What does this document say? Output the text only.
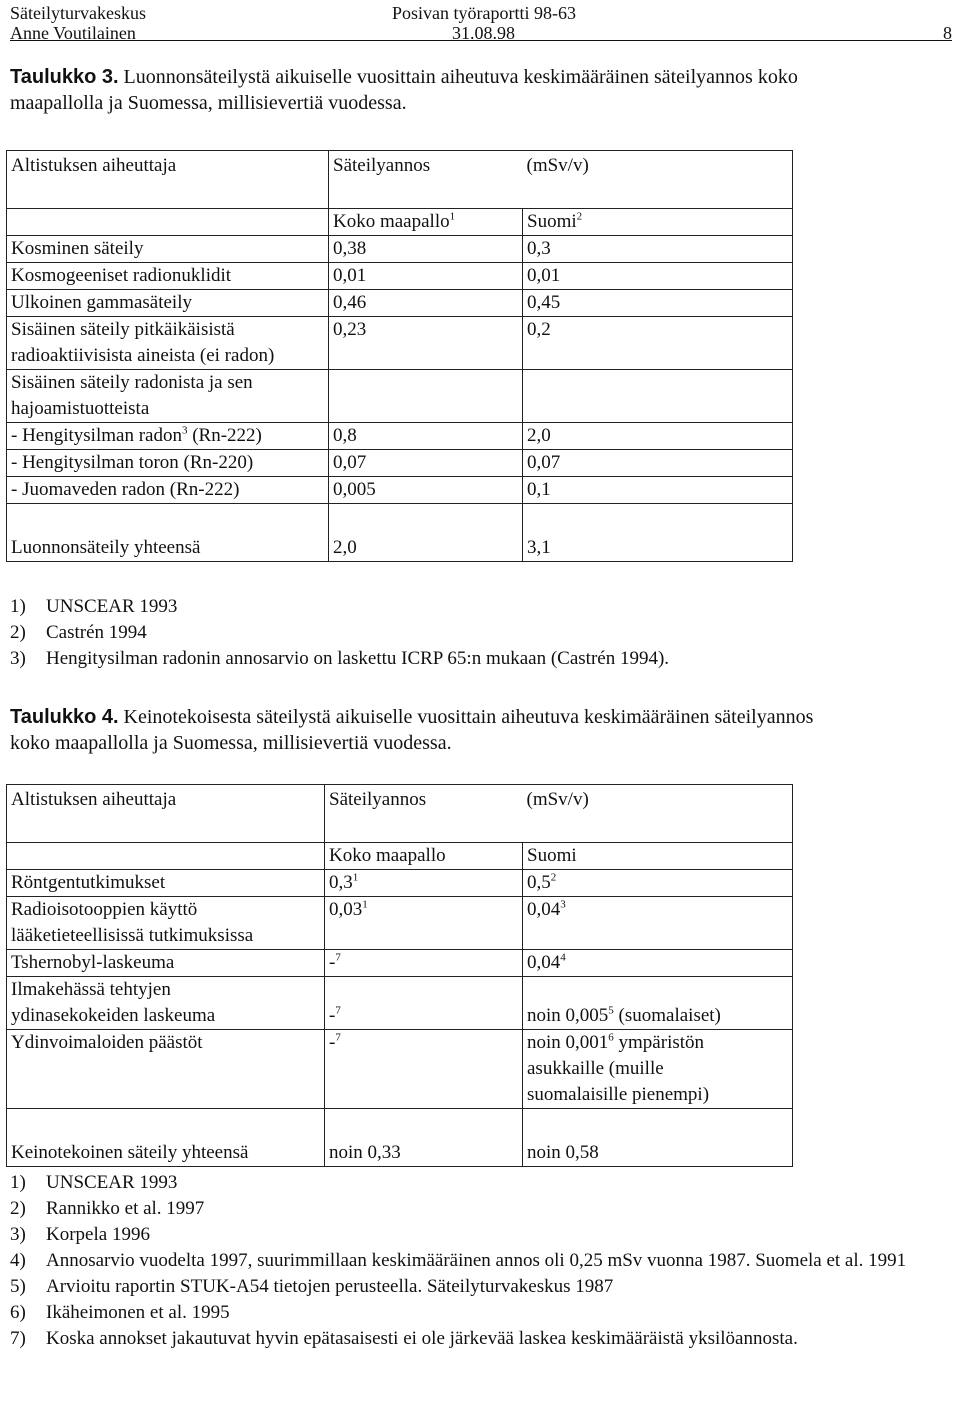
Säteilyturvakeskus
Anne Voutilainen
Posivan työraportti 98-63
31.08.98	8
Taulukko 3. Luonnonsäteilystä aikuiselle vuosittain aiheutuva keskimääräinen säteilyannos koko maapallolla ja Suomessa, millisievertiä vuodessa.
Altistuksen aiheuttaja	Säteilyannos	(mSv/v)
	Koko maapallo$^1$	Suomi$^2$
Kosminen säteily	0,38	0,3
Kosmogeeniset radionuklidit	0,01	0,01
Ulkoinen gammasäteily	0,46	0,45
Sisäinen säteily pitkäikäisistä radioaktiivisista aineista (ei radon)	0,23	0,2
Sisäinen säteily radonista ja sen hajoamistuotteista		
- Hengitysilman radon$^3$ (Rn-222)	0,8	2,0
- Hengitysilman toron (Rn-220)	0,07	0,07
- Juomaveden radon (Rn-222)	0,005	0,1
Luonnonsäteily yhteensä	2,0	3,1
1)	UNSCEAR 1993
2)	Castrén 1994
3)	Hengitysilman radonin annosarvio on laskettu ICRP 65:n mukaan (Castrén 1994).
Taulukko 4. Keinotekoisesta säteilystä aikuiselle vuosittain aiheutuva keskimääräinen säteilyannos koko maapallolla ja Suomessa, millisievertiä vuodessa.
Altistuksen aiheuttaja	Säteilyannos	(mSv/v)
	Koko maapallo	Suomi
Röntgentutkimukset	$0,3^1$	$0,5^2$
Radioisotooppien käyttö lääketieteellisissä tutkimuksissa	0,03$^1$	0,04$^3$
Tshernobyl-laskeuma	-$^7$	0,04$^4$
Ilmakehässä tehtyjen ydinasekokeiden laskeuma	-$^7$	noin 0,005$^5$ (suomalaiset)
Ydinvoimaloiden päästöt	-$^7$	noin 0,001$^6$ ympäristön asukkaille (muille suomalaisille pienempi)
Keinotekoinen säteily yhteensä	noin 0,33	noin 0,58
1)	UNSCEAR 1993
2)	Rannikko et al. 1997
3)	Korpela 1996
4)	Annosarvio vuodelta 1997, suurimmillaan keskimääräinen annos oli 0,25 mSv vuonna 1987. Suomela et al. 1991
5)	Arvioitu raportin STUK-A54 tietojen perusteella. Säteilyturvakeskus 1987
6)	Ikäheimonen et al. 1995
7)	Koska annokset jakautuvat hyvin epätasaisesti ei ole järkevää laskea keskimääräistä yksilöannosta.
